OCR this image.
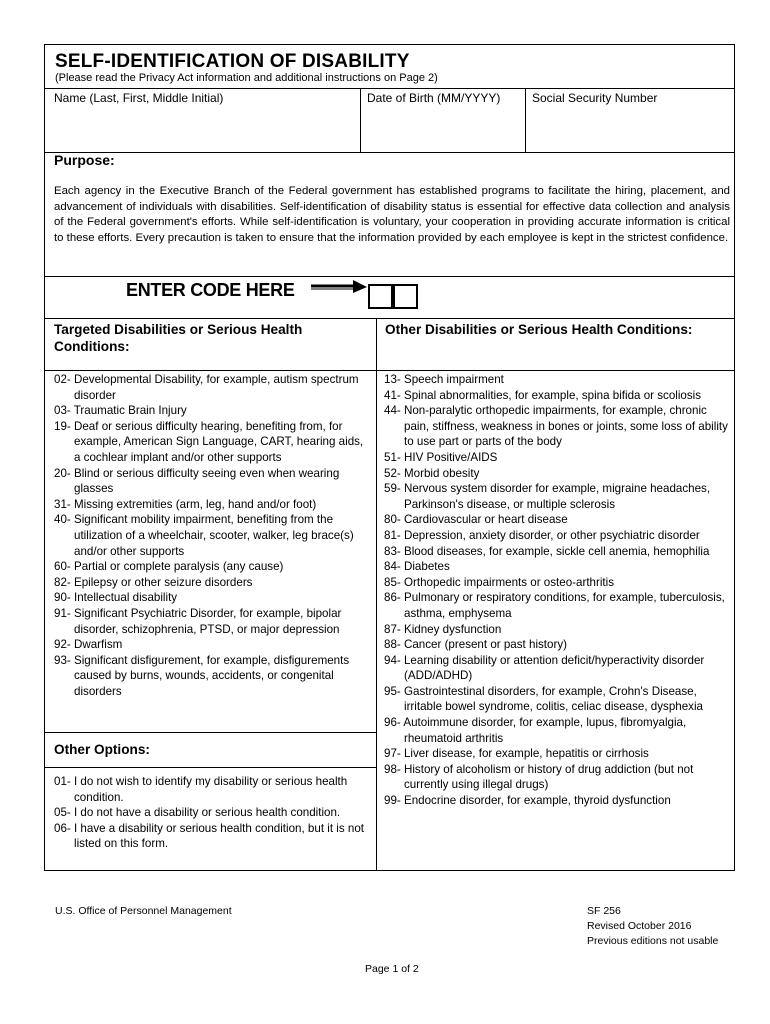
SELF-IDENTIFICATION OF DISABILITY
(Please read the Privacy Act information and additional instructions on Page 2)
Name (Last, First, Middle Initial)	Date of Birth (MM/YYYY)	Social Security Number
Purpose:
Each agency in the Executive Branch of the Federal government has established programs to facilitate the hiring, placement, and advancement of individuals with disabilities. Self-identification of disability status is essential for effective data collection and analysis of the Federal government's efforts. While self-identification is voluntary, your cooperation in providing accurate information is critical to these efforts. Every precaution is taken to ensure that the information provided by each employee is kept in the strictest confidence.
ENTER CODE HERE
Targeted Disabilities or Serious Health Conditions:
Other Disabilities or Serious Health Conditions:
02- Developmental Disability, for example, autism spectrum disorder
03- Traumatic Brain Injury
19- Deaf or serious difficulty hearing, benefiting from, for example, American Sign Language, CART, hearing aids, a cochlear implant and/or other supports
20- Blind or serious difficulty seeing even when wearing glasses
31- Missing extremities (arm, leg, hand and/or foot)
40- Significant mobility impairment, benefiting from the utilization of a wheelchair, scooter, walker, leg brace(s) and/or other supports
60- Partial or complete paralysis (any cause)
82- Epilepsy or other seizure disorders
90- Intellectual disability
91- Significant Psychiatric Disorder, for example, bipolar disorder, schizophrenia, PTSD, or major depression
92- Dwarfism
93- Significant disfigurement, for example, disfigurements caused by burns, wounds, accidents, or congenital disorders
Other Options:
01- I do not wish to identify my disability or serious health condition.
05- I do not have a disability or serious health condition.
06- I have a disability or serious health condition, but it is not listed on this form.
13- Speech impairment
41- Spinal abnormalities, for example, spina bifida or scoliosis
44- Non-paralytic orthopedic impairments, for example, chronic pain, stiffness, weakness in bones or joints, some loss of ability to use part or parts of the body
51- HIV Positive/AIDS
52- Morbid obesity
59- Nervous system disorder for example, migraine headaches, Parkinson's disease, or multiple sclerosis
80- Cardiovascular or heart disease
81- Depression, anxiety disorder, or other psychiatric disorder
83- Blood diseases, for example, sickle cell anemia, hemophilia
84- Diabetes
85- Orthopedic impairments or osteo-arthritis
86- Pulmonary or respiratory conditions, for example, tuberculosis, asthma, emphysema
87- Kidney dysfunction
88- Cancer (present or past history)
94- Learning disability or attention deficit/hyperactivity disorder (ADD/ADHD)
95- Gastrointestinal disorders, for example, Crohn's Disease, irritable bowel syndrome, colitis, celiac disease, dysphexia
96- Autoimmune disorder, for example, lupus, fibromyalgia, rheumatoid arthritis
97- Liver disease, for example, hepatitis or cirrhosis
98- History of alcoholism or history of drug addiction (but not currently using illegal drugs)
99- Endocrine disorder, for example, thyroid dysfunction
U.S. Office of Personnel Management	SF 256
Revised October 2016
Previous editions not usable
Page 1 of 2
